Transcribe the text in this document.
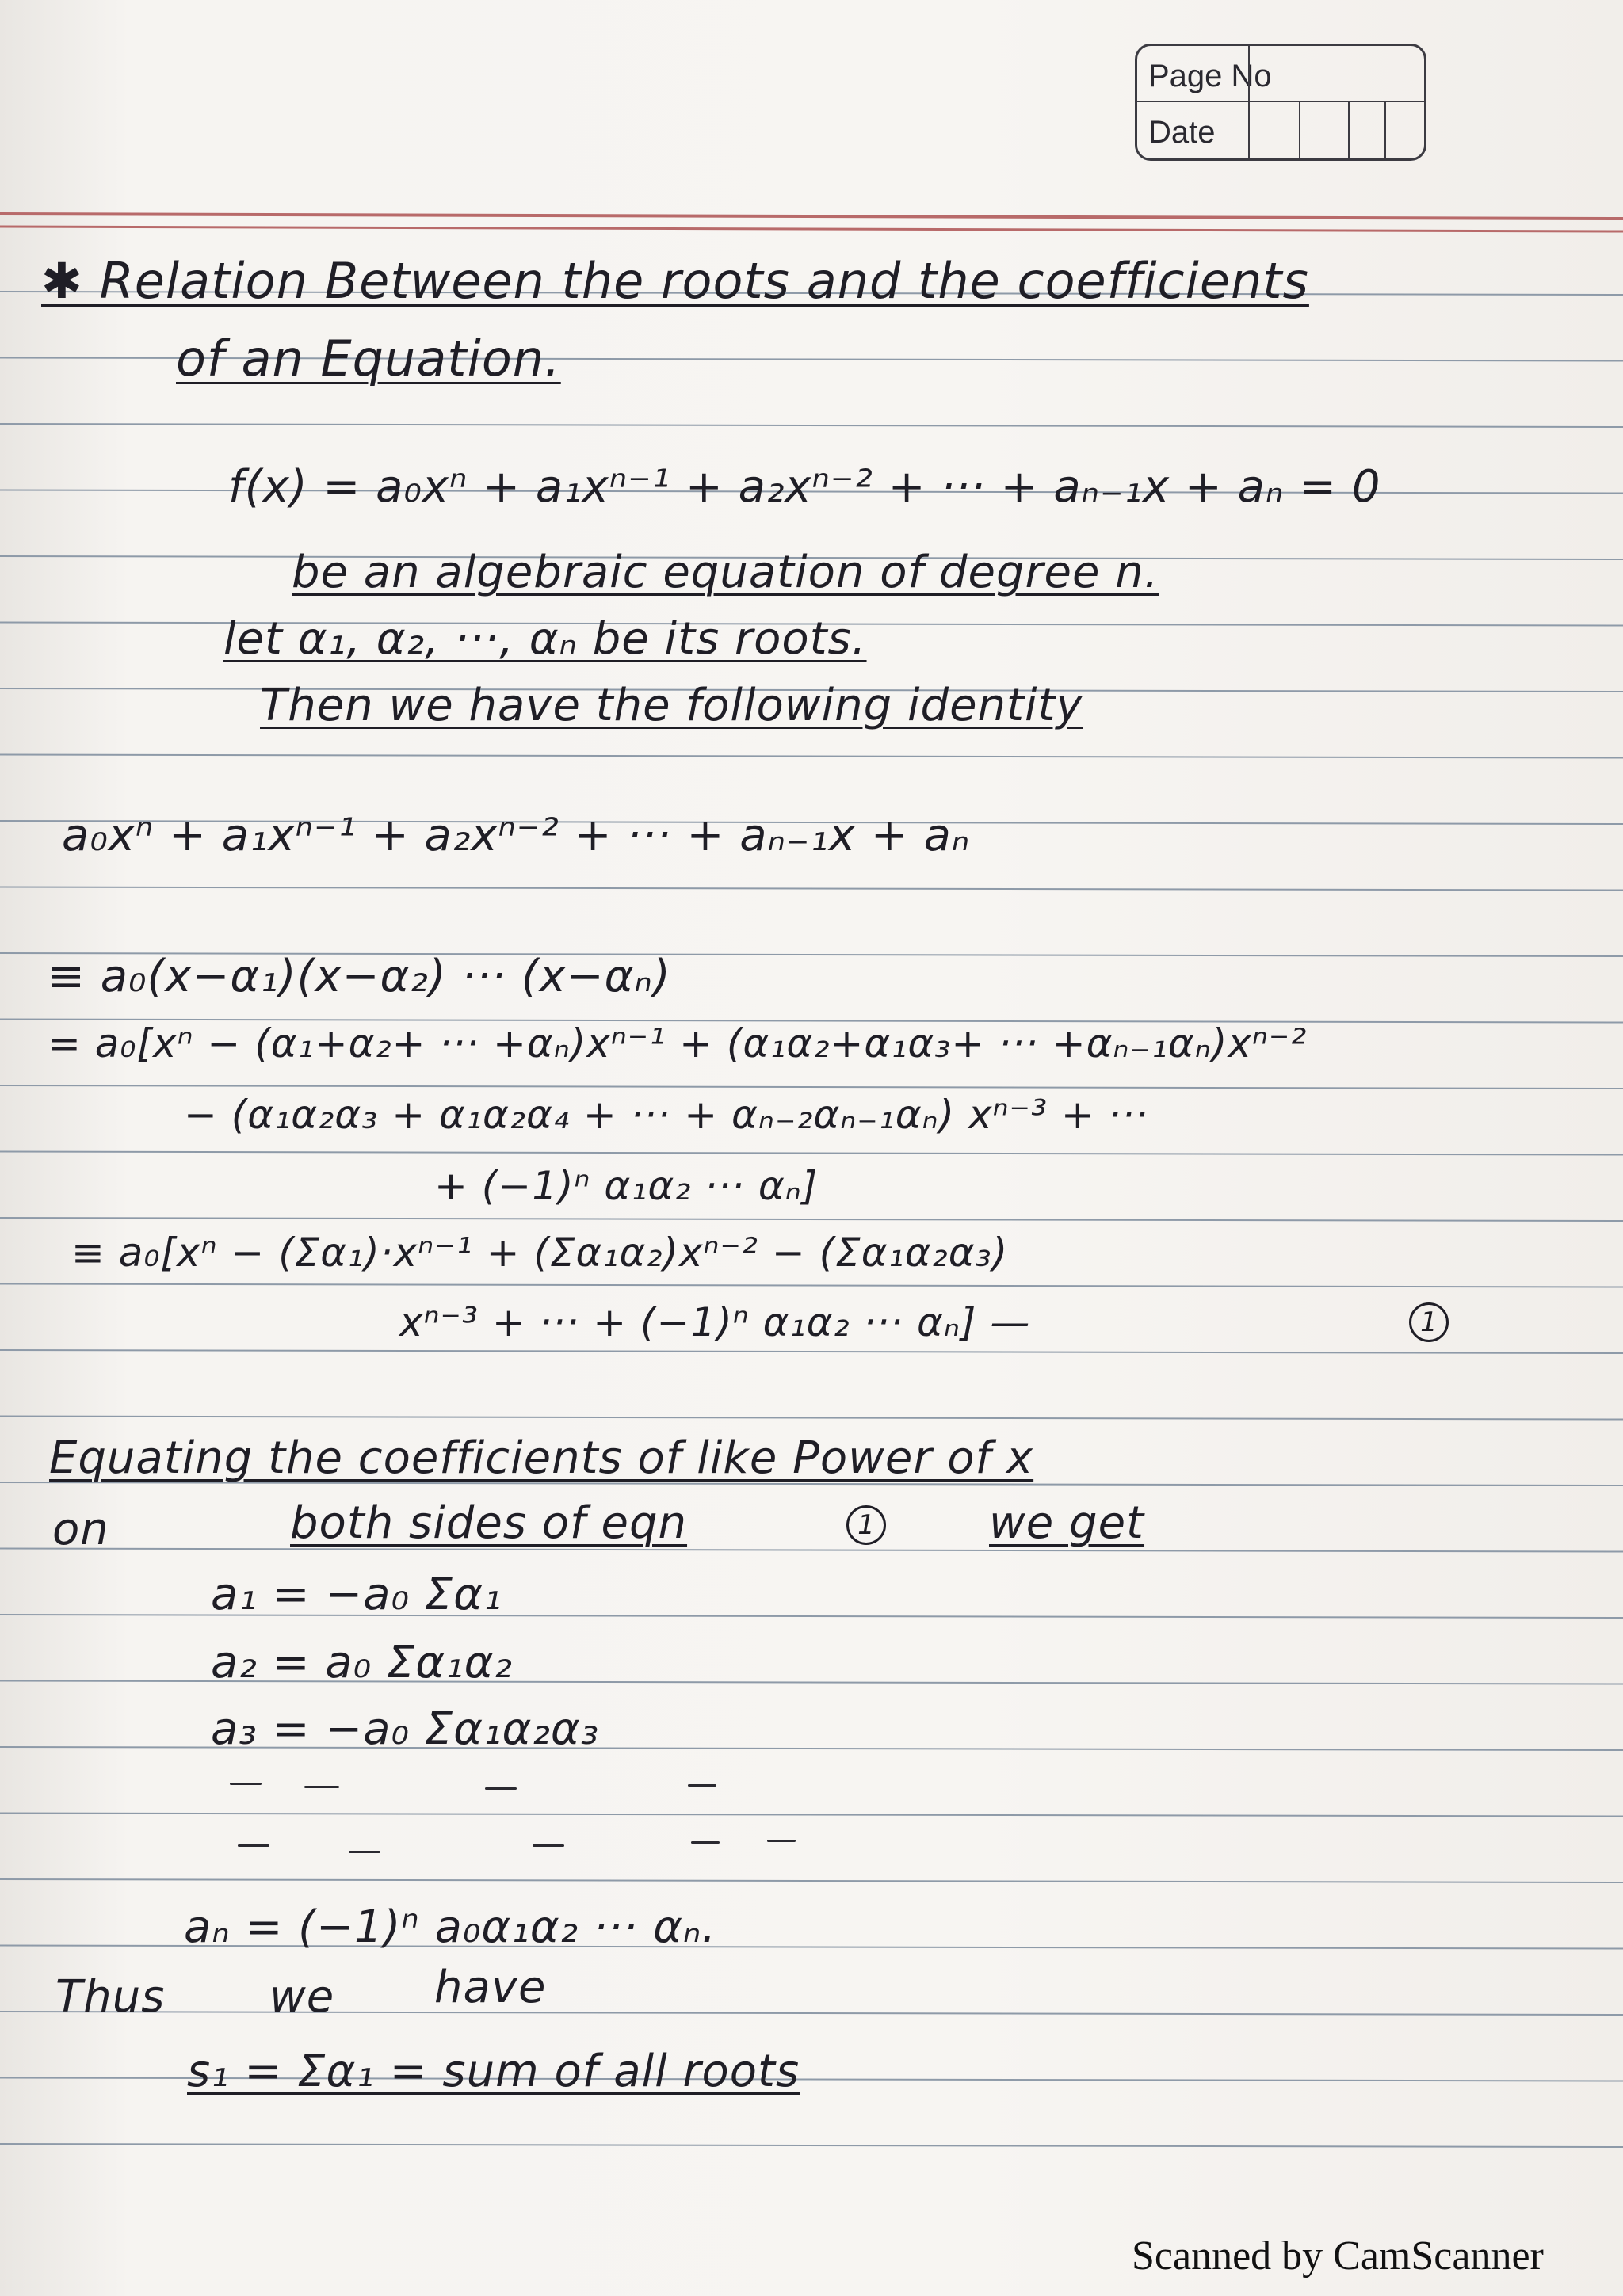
Page No
Date
✱ Relation Between the roots and the coefficients
of an Equation.
f(x) = a₀xⁿ + a₁xⁿ⁻¹ + a₂xⁿ⁻² + ··· + aₙ₋₁x + aₙ = 0
be an algebraic equation of degree n.
let α₁, α₂, ···, αₙ be its roots.
Then we have the following identity
a₀xⁿ + a₁xⁿ⁻¹ + a₂xⁿ⁻² + ··· + aₙ₋₁x + aₙ
≡ a₀(x−α₁)(x−α₂) ··· (x−αₙ)
= a₀[xⁿ − (α₁+α₂+ ··· +αₙ)xⁿ⁻¹ + (α₁α₂+α₁α₃+ ··· +αₙ₋₁αₙ)xⁿ⁻²
− (α₁α₂α₃ + α₁α₂α₄ + ··· + αₙ₋₂αₙ₋₁αₙ) xⁿ⁻³ + ···
+ (−1)ⁿ α₁α₂ ··· αₙ]
≡ a₀[xⁿ − (Σα₁)·xⁿ⁻¹ + (Σα₁α₂)xⁿ⁻² − (Σα₁α₂α₃)
xⁿ⁻³ + ··· + (−1)ⁿ α₁α₂ ··· αₙ] —	1
Equating the coefficients of like Power of x
on	both sides of eqn	1	we get
a₁ = −a₀ Σα₁
a₂ = a₀ Σα₁α₂
a₃ = −a₀ Σα₁α₂α₃
aₙ = (−1)ⁿ a₀α₁α₂ ··· αₙ.
Thus we have
s₁ = Σα₁ = sum of all roots
Scanned by CamScanner
